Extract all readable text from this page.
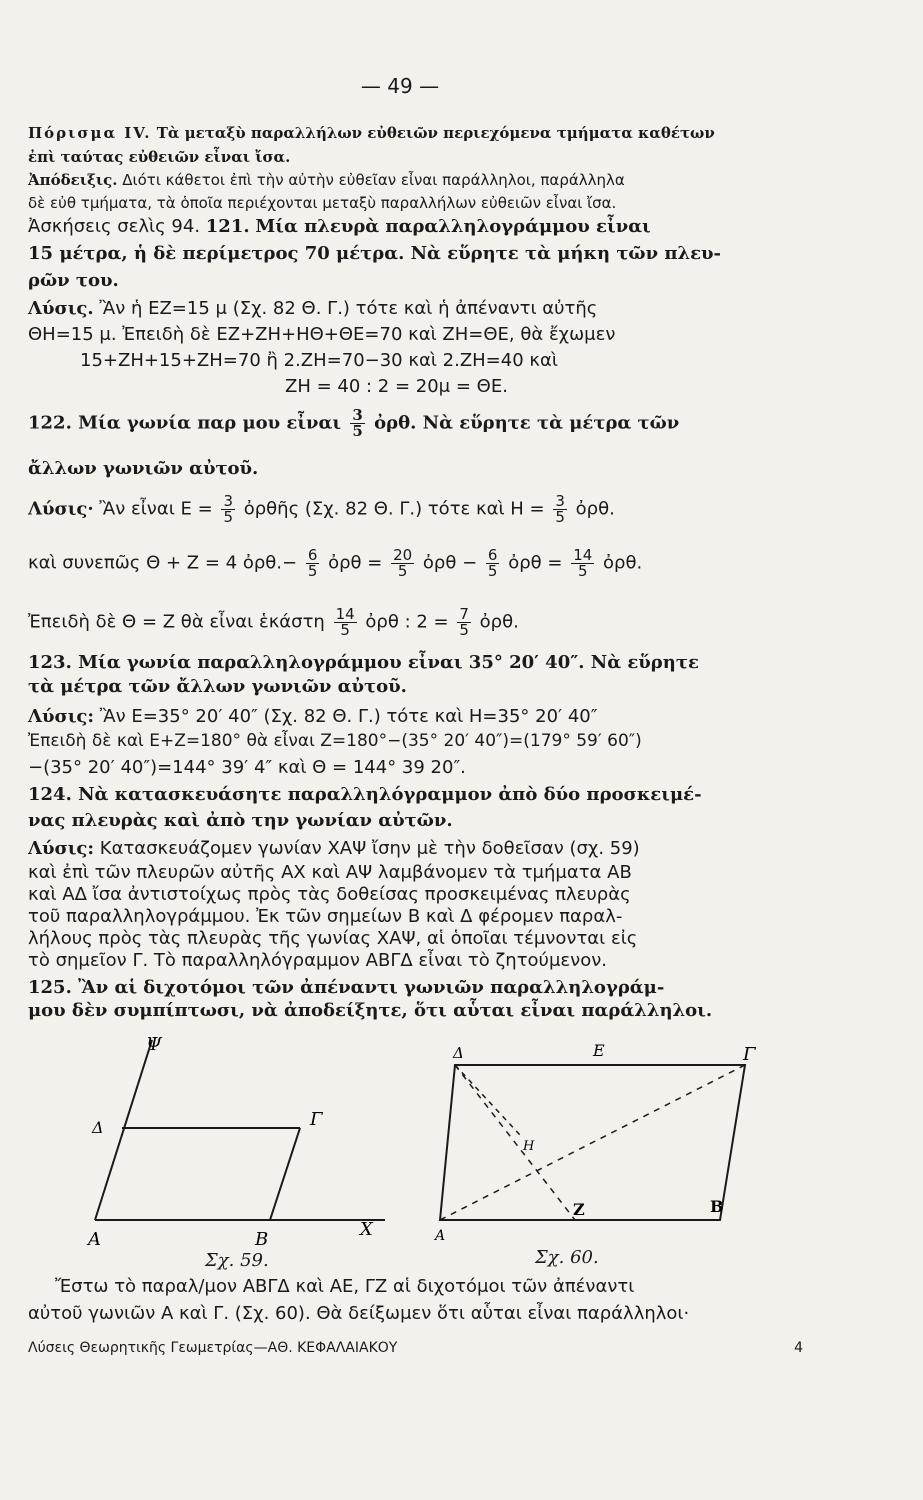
— 49 —
Πόρισμα IV. Τὰ μεταξὺ παραλλήλων εὐθειῶν περιεχόμενα τμήματα καθέτων
ἐπὶ ταύτας εὐθειῶν εἶναι ἴσα.
Ἀπόδειξις. Διότι κάθετοι ἐπὶ τὴν αὐτὴν εὐθεῖαν εἶναι παράλληλοι, παράλληλα
δὲ εὐθ τμήματα, τὰ ὁποῖα περιέχονται μεταξὺ παραλλήλων εὐθειῶν εἶναι ἴσα.
Ἀσκήσεις σελὶς 94. 121. Μία πλευρὰ παραλληλογράμμου εἶναι
15 μέτρα, ἡ δὲ περίμετρος 70 μέτρα. Νὰ εὕρητε τὰ μήκη τῶν πλευ-
ρῶν του.
Λύσις. Ἂν ἡ ΕΖ=15 μ (Σχ. 82 Θ. Γ.) τότε καὶ ἡ ἀπέναντι αὐτῆς
ΘΗ=15 μ. Ἐπειδὴ δὲ ΕΖ+ΖΗ+ΗΘ+ΘΕ=70 καὶ ΖΗ=ΘΕ, θὰ ἔχωμεν
15+ΖΗ+15+ΖΗ=70 ἢ 2.ΖΗ=70−30 καὶ 2.ΖΗ=40 καὶ
ΖΗ = 40 : 2 = 20μ = ΘΕ.
122. Μία γωνία παρ μου εἶναι $\frac{3}{5}$ ὀρθ. Νὰ εὕρητε τὰ μέτρα τῶν
ἄλλων γωνιῶν αὐτοῦ.
Λύσις· Ἂν εἶναι $E = \frac{3}{5}$ ὀρθῆς (Σχ. 82 Θ. Γ.) τότε καὶ $H = \frac{3}{5}$ ὀρθ.
καὶ συνεπῶς Θ + Ζ = 4 ὀρθ.− $\frac{6}{5}$ ὀρθ = $\frac{20}{5}$ ὀρθ − $\frac{6}{5}$ ὀρθ = $\frac{14}{5}$ ὀρθ.
Ἐπειδὴ δὲ Θ = Ζ θὰ εἶναι ἑκάστη $\frac{14}{5}$ ὀρθ : $2 = \frac{7}{5}$ ὀρθ.
123. Μία γωνία παραλληλογράμμου εἶναι 35° 20′ 40″. Νὰ εὕρητε
τὰ μέτρα τῶν ἄλλων γωνιῶν αὐτοῦ.
Λύσις: Ἂν Ε=35° 20′ 40″ (Σχ. 82 Θ. Γ.) τότε καὶ Η=35° 20′ 40″
Ἐπειδὴ δὲ καὶ Ε+Ζ=180° θὰ εἶναι Ζ=180°−(35° 20′ 40″)=(179° 59′ 60″)
−(35° 20′ 40″)=144° 39′ 4″ καὶ Θ = 144° 39 20″.
124. Νὰ κατασκευάσητε παραλληλόγραμμον ἀπὸ δύο προσκειμέ-
νας πλευρὰς καὶ ἀπὸ την γωνίαν αὐτῶν.
Λύσις: Κατασκευάζομεν γωνίαν ΧΑΨ ἴσην μὲ τὴν δοθεῖσαν (σχ. 59)
καὶ ἐπὶ τῶν πλευρῶν αὐτῆς ΑΧ καὶ ΑΨ λαμβάνομεν τὰ τμήματα ΑΒ
καὶ ΑΔ ἴσα ἀντιστοίχως πρὸς τὰς δοθείσας προσκειμένας πλευρὰς
τοῦ παραλληλογράμμου. Ἐκ τῶν σημείων Β καὶ Δ φέρομεν παραλ-
λήλους πρὸς τὰς πλευρὰς τῆς γωνίας ΧΑΨ, αἱ ὁποῖαι τέμνονται εἰς
τὸ σημεῖον Γ. Τὸ παραλληλόγραμμον ΑΒΓΔ εἶναι τὸ ζητούμενον.
125. Ἂν αἱ διχοτόμοι τῶν ἀπέναντι γωνιῶν παραλληλογράμ-
μου δὲν συμπίπτωσι, νὰ ἀποδείξητε, ὅτι αὗται εἶναι παράλληλοι.
Ψ
Δ	Γ
Α	Β	Χ
Σχ. 59.
Δ	Ε	Γ
Η
Α
Ζ	Β
Σχ. 60.
Ἔστω τὸ παραλ/μον ΑΒΓΔ καὶ ΑΕ, ΓΖ αἱ διχοτόμοι τῶν ἀπέναντι
αὐτοῦ γωνιῶν Α καὶ Γ. (Σχ. 60). Θὰ δείξωμεν ὅτι αὗται εἶναι παράλληλοι·
Λύσεις Θεωρητικῆς Γεωμετρίας—ΑΘ. ΚΕΦΑΛΑΙΑΚΟΥ	4
